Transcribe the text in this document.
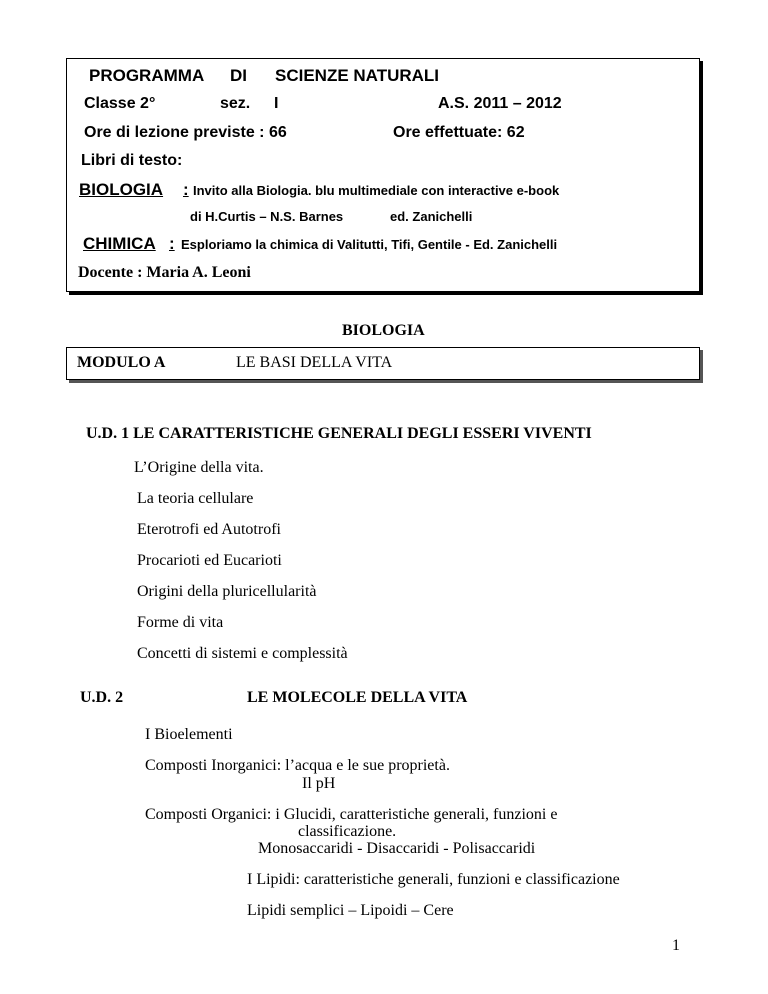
PROGRAMMA DI SCIENZE NATURALI
Classe 2°	sez. I	A.S. 2011 – 2012
Ore di lezione previste : 66	Ore effettuate: 62
Libri di testo:
BIOLOGIA : Invito alla Biologia. blu multimediale con interactive e-book
di H.Curtis – N.S. Barnes	ed. Zanichelli
CHIMICA : Esploriamo la chimica di Valitutti, Tifi, Gentile - Ed. Zanichelli
Docente : Maria A. Leoni
BIOLOGIA
MODULO A	LE BASI DELLA VITA
U.D. 1 LE CARATTERISTICHE GENERALI DEGLI ESSERI VIVENTI
L’Origine della vita.
La teoria cellulare
Eterotrofi ed Autotrofi
Procarioti ed Eucarioti
Origini della pluricellularità
Forme di vita
Concetti di sistemi e complessità
U.D. 2	LE MOLECOLE DELLA VITA
I Bioelementi
Composti Inorganici: l’acqua e le sue proprietà.
Il pH
Composti Organici: i Glucidi, caratteristiche generali, funzioni e
classificazione.
Monosaccaridi - Disaccaridi - Polisaccaridi
I Lipidi: caratteristiche generali, funzioni e classificazione
Lipidi semplici – Lipoidi – Cere
1
